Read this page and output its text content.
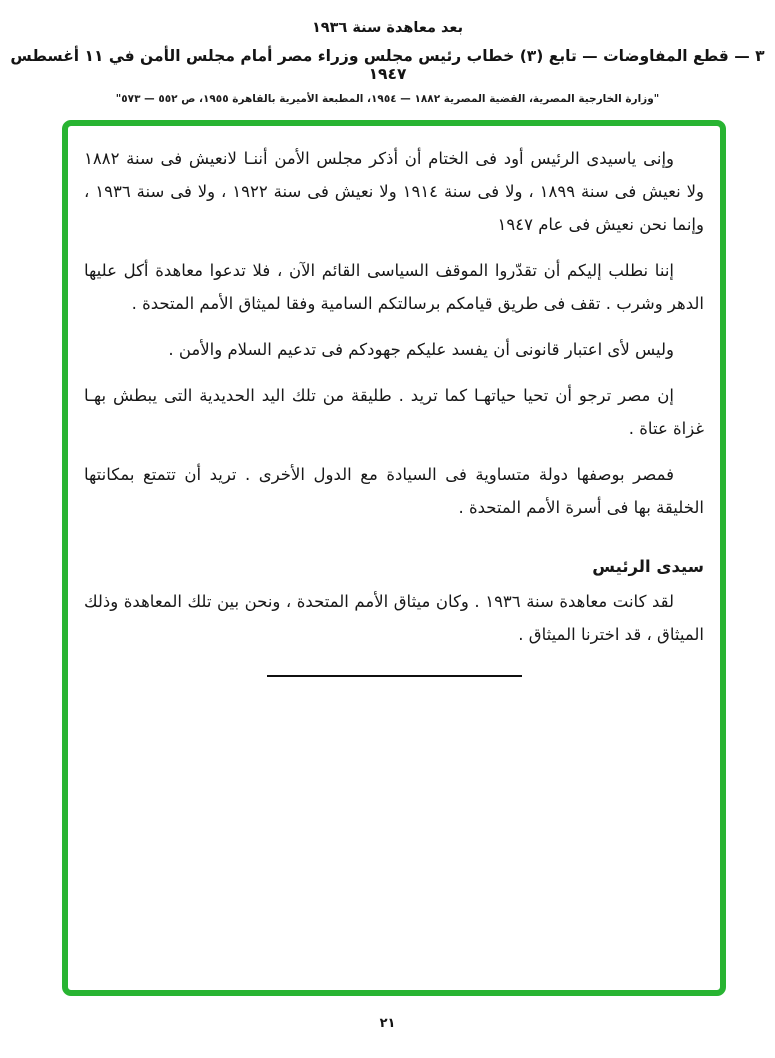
بعد معاهدة سنة ١٩٣٦
٣ — قطع المفاوضات — تابع (٣) خطاب رئيس مجلس وزراء مصر أمام مجلس الأمن في ١١ أغسطس ١٩٤٧
"وزارة الخارجية المصرية، القضية المصرية ١٨٨٢ — ١٩٥٤، المطبعة الأميرية بالقاهرة ١٩٥٥، ص ٥٥٢ — ٥٧٣"

وإنى ياسيدى الرئيس أود فى الختام أن أذكر مجلس الأمن أننـا لانعيش فى سنة ١٨٨٢ ولا نعيش فى سنة ١٨٩٩ ، ولا فى سنة ١٩١٤ ولا نعيش فى سنة ١٩٢٢ ، ولا فى سنة ١٩٣٦ ، وإنما نحن نعيش فى عام ١٩٤٧

إننا نطلب إليكم أن تقدّروا الموقف السياسى القائم الآن ، فلا تدعوا معاهدة أكل عليها الدهر وشرب . تقف فى طريق قيامكم برسالتكم السامية وفقا لميثاق الأمم المتحدة .

وليس لأى اعتبار قانونى أن يفسد عليكم جهودكم فى تدعيم السلام والأمن .

إن مصر ترجو أن تحيا حياتهـا كما تريد . طليقة من تلك اليد الحديدية التى يبطش بهـا غزاة عتاة .

فمصر بوصفها دولة متساوية فى السيادة مع الدول الأخرى . تريد أن تتمتع بمكانتها الخليقة بها فى أسرة الأمم المتحدة .

سيدى الرئيس

لقد كانت معاهدة سنة ١٩٣٦ . وكان ميثاق الأمم المتحدة ، ونحن بين تلك المعاهدة وذلك الميثاق ، قد اخترنا الميثاق .

٢١
